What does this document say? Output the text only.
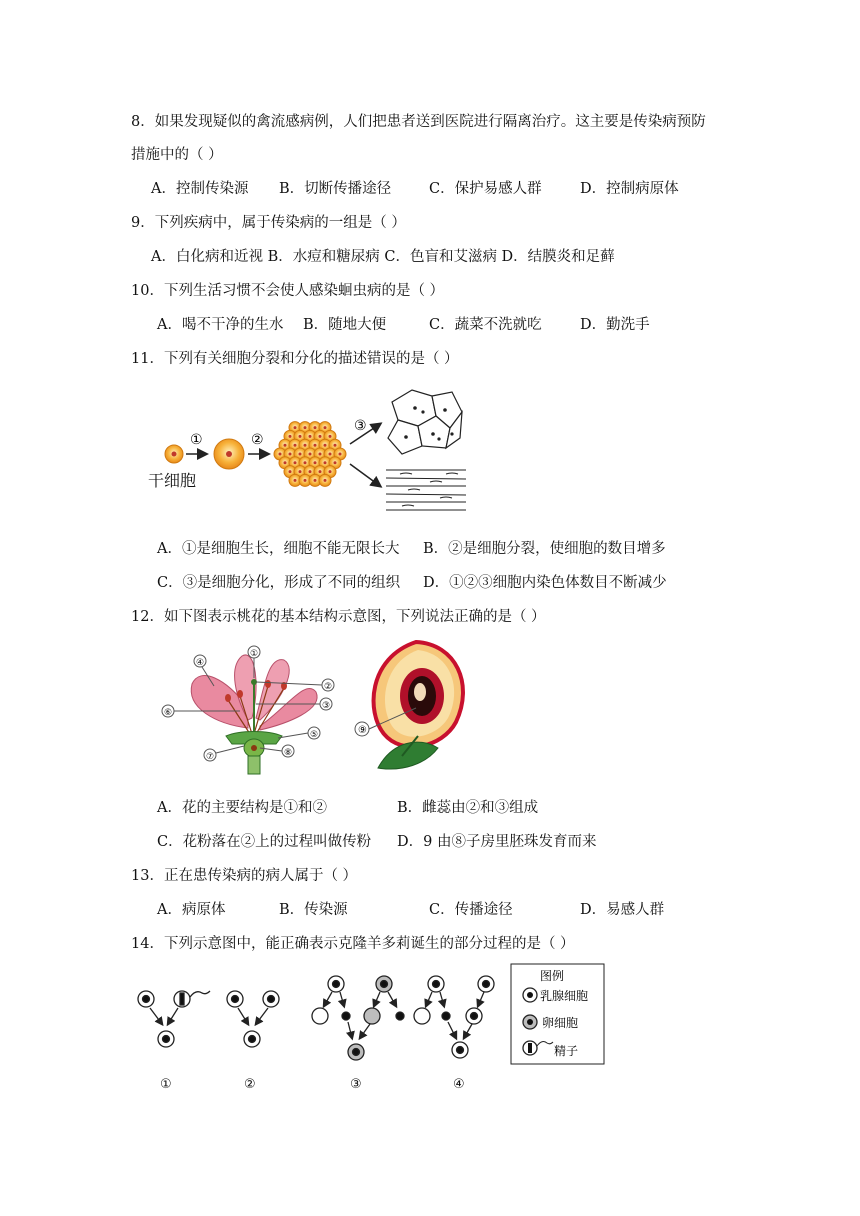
8．如果发现疑似的禽流感病例，人们把患者送到医院进行隔离治疗。这主要是传染病预防
措施中的（ ）
A．控制传染源 B．切断传播途径	C．保护易感人群	D．控制病原体
9．下列疾病中，属于传染病的一组是（ ）
A．白化病和近视 B．水痘和糖尿病 C．色盲和艾滋病 D．结膜炎和足藓
10．下列生活习惯不会使人感染蛔虫病的是（ ）
A．喝不干净的生水 B．随地大便	C．蔬菜不洗就吃	D．勤洗手
11．下列有关细胞分裂和分化的描述错误的是（ ）
①	②
③
干细胞
A．①是细胞生长，细胞不能无限长大 B．②是细胞分裂，使细胞的数目增多
C．③是细胞分化，形成了不同的组织 D．①②③细胞内染色体数目不断减少
12．如下图表示桃花的基本结构示意图，下列说法正确的是（ ）
①
④
②
③
⑥
⑤
⑦	⑧
⑨
A．花的主要结构是①和②	B．雌蕊由②和③组成
C．花粉落在②上的过程叫做传粉 D．9 由⑧子房里胚珠发育而来
13．正在患传染病的病人属于（ ）
A．病原体	B．传染源	C．传播途径	D．易感人群
14．下列示意图中，能正确表示克隆羊多莉诞生的部分过程的是（ ）
①	②	③	④
图例
乳腺细胞
卵细胞
精子
